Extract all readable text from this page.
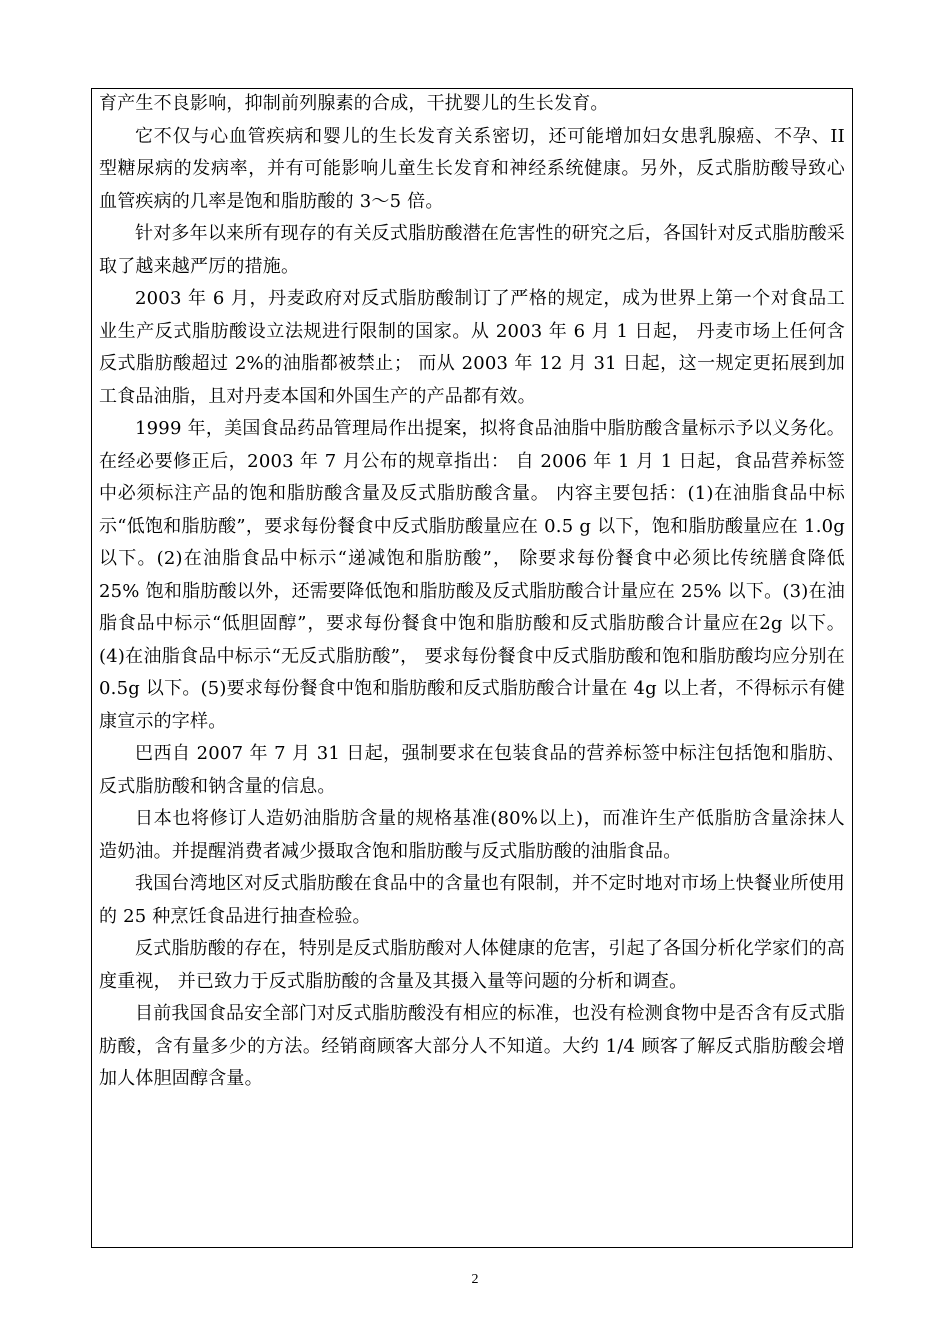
育产生不良影响，抑制前列腺素的合成，干扰婴儿的生长发育。

它不仅与心血管疾病和婴儿的生长发育关系密切，还可能增加妇女患乳腺癌、不孕、II 型糖尿病的发病率，并有可能影响儿童生长发育和神经系统健康。另外，反式脂肪酸导致心血管疾病的几率是饱和脂肪酸的 3～5 倍。

针对多年以来所有现存的有关反式脂肪酸潜在危害性的研究之后，各国针对反式脂肪酸采取了越来越严厉的措施。

2003 年 6 月，丹麦政府对反式脂肪酸制订了严格的规定，成为世界上第一个对食品工业生产反式脂肪酸设立法规进行限制的国家。从 2003 年 6 月 1 日起， 丹麦市场上任何含反式脂肪酸超过 2%的油脂都被禁止； 而从 2003 年 12 月 31 日起，这一规定更拓展到加工食品油脂，且对丹麦本国和外国生产的产品都有效。

1999 年，美国食品药品管理局作出提案，拟将食品油脂中脂肪酸含量标示予以义务化。在经必要修正后，2003 年 7 月公布的规章指出： 自 2006 年 1 月 1 日起，食品营养标签中必须标注产品的饱和脂肪酸含量及反式脂肪酸含量。 内容主要包括：(1)在油脂食品中标示“低饱和脂肪酸”，要求每份餐食中反式脂肪酸量应在 0.5 g 以下，饱和脂肪酸量应在 1.0g 以下。(2)在油脂食品中标示“递减饱和脂肪酸”， 除要求每份餐食中必须比传统膳食降低 25% 饱和脂肪酸以外，还需要降低饱和脂肪酸及反式脂肪酸合计量应在 25% 以下。(3)在油脂食品中标示“低胆固醇”，要求每份餐食中饱和脂肪酸和反式脂肪酸合计量应在2g 以下。(4)在油脂食品中标示“无反式脂肪酸”， 要求每份餐食中反式脂肪酸和饱和脂肪酸均应分别在 0.5g 以下。(5)要求每份餐食中饱和脂肪酸和反式脂肪酸合计量在 4g 以上者，不得标示有健康宣示的字样。

巴西自 2007 年 7 月 31 日起，强制要求在包装食品的营养标签中标注包括饱和脂肪、反式脂肪酸和钠含量的信息。

日本也将修订人造奶油脂肪含量的规格基准(80%以上)，而准许生产低脂肪含量涂抹人造奶油。并提醒消费者减少摄取含饱和脂肪酸与反式脂肪酸的油脂食品。

我国台湾地区对反式脂肪酸在食品中的含量也有限制，并不定时地对市场上快餐业所使用的 25 种烹饪食品进行抽查检验。

反式脂肪酸的存在，特别是反式脂肪酸对人体健康的危害，引起了各国分析化学家们的高度重视， 并已致力于反式脂肪酸的含量及其摄入量等问题的分析和调查。

目前我国食品安全部门对反式脂肪酸没有相应的标准，也没有检测食物中是否含有反式脂肪酸，含有量多少的方法。经销商顾客大部分人不知道。大约 1/4 顾客了解反式脂肪酸会增加人体胆固醇含量。

2
